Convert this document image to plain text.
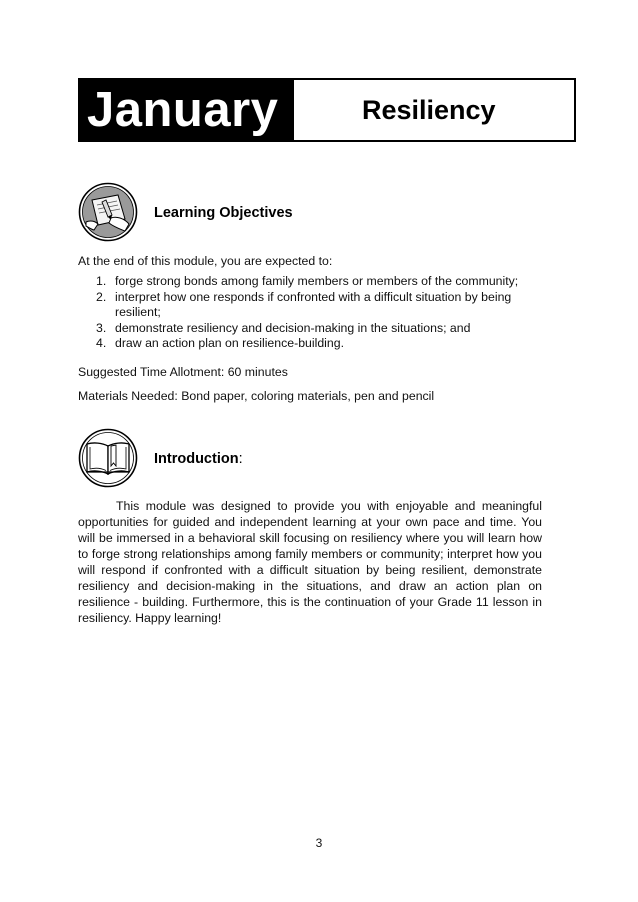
January	Resiliency
Learning Objectives
At the end of this module, you are expected to:
1. forge strong bonds among family members or members of the community;
2. interpret how one responds if confronted with a difficult situation by being resilient;
3. demonstrate resiliency and decision-making in the situations; and
4. draw an action plan on resilience-building.
Suggested Time Allotment: 60 minutes
Materials Needed: Bond paper, coloring materials, pen and pencil
Introduction:

This module was designed to provide you with enjoyable and meaningful opportunities for guided and independent learning at your own pace and time. You will be immersed in a behavioral skill focusing on resiliency where you will learn how to forge strong relationships among family members or community; interpret how you will respond if confronted with a difficult situation by being resilient, demonstrate resiliency and decision-making in the situations, and draw an action plan on resilience - building. Furthermore, this is the continuation of your Grade 11 lesson in resiliency. Happy learning!

3
